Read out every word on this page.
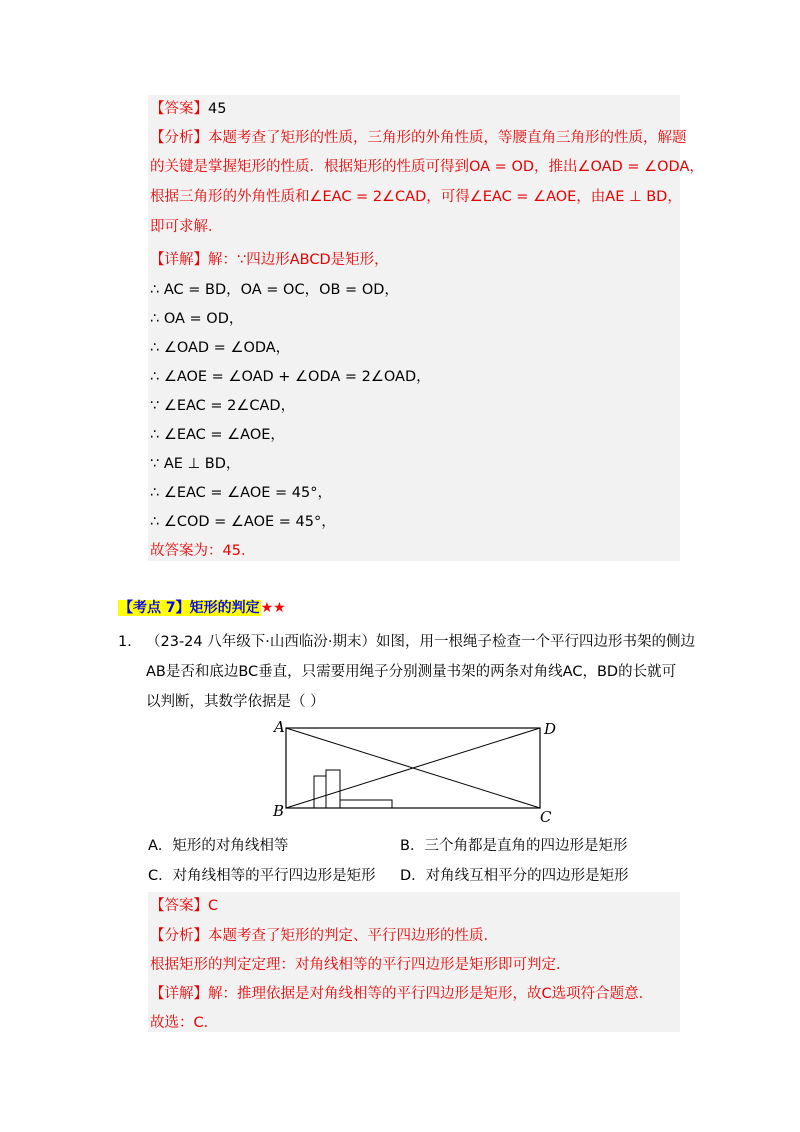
【答案】45
【分析】本题考查了矩形的性质，三角形的外角性质，等腰直角三角形的性质，解题
的关键是掌握矩形的性质．根据矩形的性质可得到OA = OD，推出∠OAD = ∠ODA，
根据三角形的外角性质和∠EAC = 2∠CAD，可得∠EAC = ∠AOE，由AE ⊥ BD，
即可求解．
【详解】解：∵四边形ABCD是矩形，
∴ AC = BD，OA = OC，OB = OD，
∴ OA = OD，
∴ ∠OAD = ∠ODA，
∴ ∠AOE = ∠OAD + ∠ODA = 2∠OAD，
∵ ∠EAC = 2∠CAD，
∴ ∠EAC = ∠AOE，
∵ AE ⊥ BD，
∴ ∠EAC = ∠AOE = 45°，
∴ ∠COD = ∠AOE = 45°，
故答案为：45．
【考点 7】矩形的判定★★
1． （23-24 八年级下·山西临汾·期末）如图，用一根绳子检查一个平行四边形书架的侧边
AB是否和底边BC垂直，只需要用绳子分别测量书架的两条对角线AC，BD的长就可
以判断，其数学依据是（ ）
A	D
B	C
A．矩形的对角线相等	B．三个角都是直角的四边形是矩形
C．对角线相等的平行四边形是矩形 D．对角线互相平分的四边形是矩形
【答案】C
【分析】本题考查了矩形的判定、平行四边形的性质．
根据矩形的判定定理：对角线相等的平行四边形是矩形即可判定．
【详解】解：推理依据是对角线相等的平行四边形是矩形，故C选项符合题意．
故选：C．
